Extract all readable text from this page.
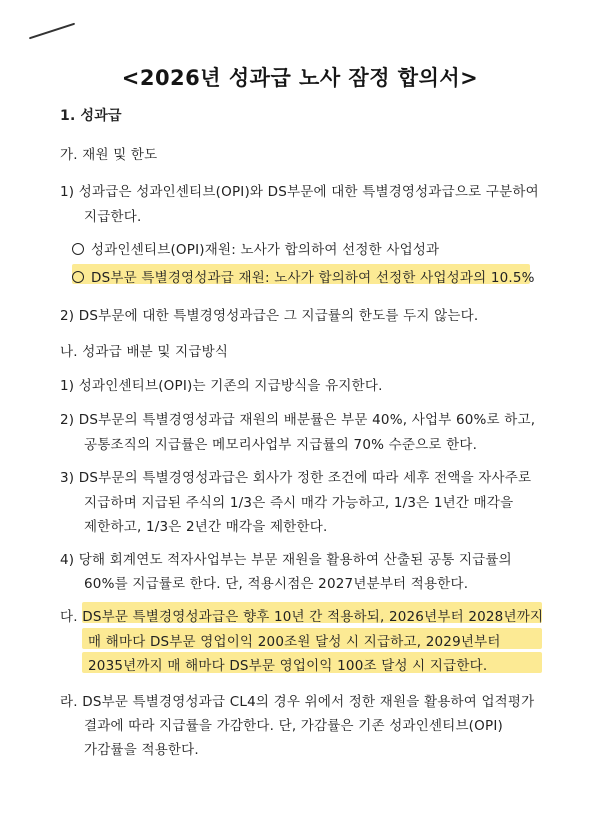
<2026년 성과급 노사 잠정 합의서>
1. 성과급
가. 재원 및 한도
1) 성과급은 성과인센티브(OPI)와 DS부문에 대한 특별경영성과급으로 구분하여
지급한다.
성과인센티브(OPI)재원: 노사가 합의하여 선정한 사업성과
DS부문 특별경영성과급 재원: 노사가 합의하여 선정한 사업성과의 10.5%
2) DS부문에 대한 특별경영성과급은 그 지급률의 한도를 두지 않는다.
나. 성과급 배분 및 지급방식
1) 성과인센티브(OPI)는 기존의 지급방식을 유지한다.
2) DS부문의 특별경영성과급 재원의 배분률은 부문 40%, 사업부 60%로 하고,
공통조직의 지급률은 메모리사업부 지급률의 70% 수준으로 한다.
3) DS부문의 특별경영성과급은 회사가 정한 조건에 따라 세후 전액을 자사주로
지급하며 지급된 주식의 1/3은 즉시 매각 가능하고, 1/3은 1년간 매각을
제한하고, 1/3은 2년간 매각을 제한한다.
4) 당해 회계연도 적자사업부는 부문 재원을 활용하여 산출된 공통 지급률의
60%를 지급률로 한다. 단, 적용시점은 2027년분부터 적용한다.
다. DS부문 특별경영성과급은 향후 10년 간 적용하되, 2026년부터 2028년까지
매 해마다 DS부문 영업이익 200조원 달성 시 지급하고, 2029년부터
2035년까지 매 해마다 DS부문 영업이익 100조 달성 시 지급한다.
라. DS부문 특별경영성과급 CL4의 경우 위에서 정한 재원을 활용하여 업적평가
결과에 따라 지급률을 가감한다. 단, 가감률은 기존 성과인센티브(OPI)
가감률을 적용한다.
